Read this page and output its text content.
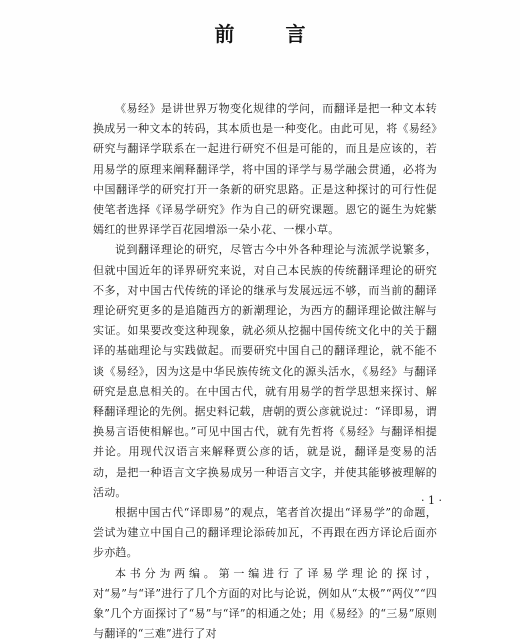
前 言

《易经》是讲世界万物变化规律的学问，而翻译是把一种文本转换成另一种文本的转码，其本质也是一种变化。由此可见，将《易经》研究与翻译学联系在一起进行研究不但是可能的，而且是应该的，若用易学的原理来阐释翻译学，将中国的译学与易学融会贯通，必将为中国翻译学的研究打开一条新的研究思路。正是这种探讨的可行性促使笔者选择《译易学研究》作为自己的研究课题。恩它的诞生为姹紫嫣红的世界译学百花园增添一朵小花、一棵小草。

说到翻译理论的研究，尽管古今中外各种理论与流派学说繁多，但就中国近年的译界研究来说，对自己本民族的传统翻译理论的研究不多，对中国古代传统的译论的继承与发展远远不够，而当前的翻译理论研究更多的是追随西方的新潮理论，为西方的翻译理论做注解与实证。如果要改变这种现象，就必须从挖掘中国传统文化中的关于翻译的基础理论与实践做起。而要研究中国自己的翻译理论，就不能不谈《易经》，因为这是中华民族传统文化的源头活水，《易经》与翻译研究是息息相关的。在中国古代，就有用易学的哲学思想来探讨、解释翻译理论的先例。据史料记载，唐朝的贾公彦就说过：“译即易，谓换易言语使相解也。”可见中国古代，就有先哲将《易经》与翻译相提并论。用现代汉语言来解释贾公彦的话，就是说，翻译是变易的活动，是把一种语言文字换易成另一种语言文字，并使其能够被理解的活动。

根据中国古代“译即易”的观点，笔者首次提出“译易学”的命题，尝试为建立中国自己的翻译理论添砖加瓦，不再跟在西方译论后面亦步亦趋。

本书分为两编。第一编进行了译易学理论的探讨，对“易”与“译”进行了几个方面的对比与论说，例如从“太极”“两仪”“四象”几个方面探讨了“易”与“译”的相通之处；用《易经》的“三易”原则与翻译的“三难”进行了对

· 1 ·
